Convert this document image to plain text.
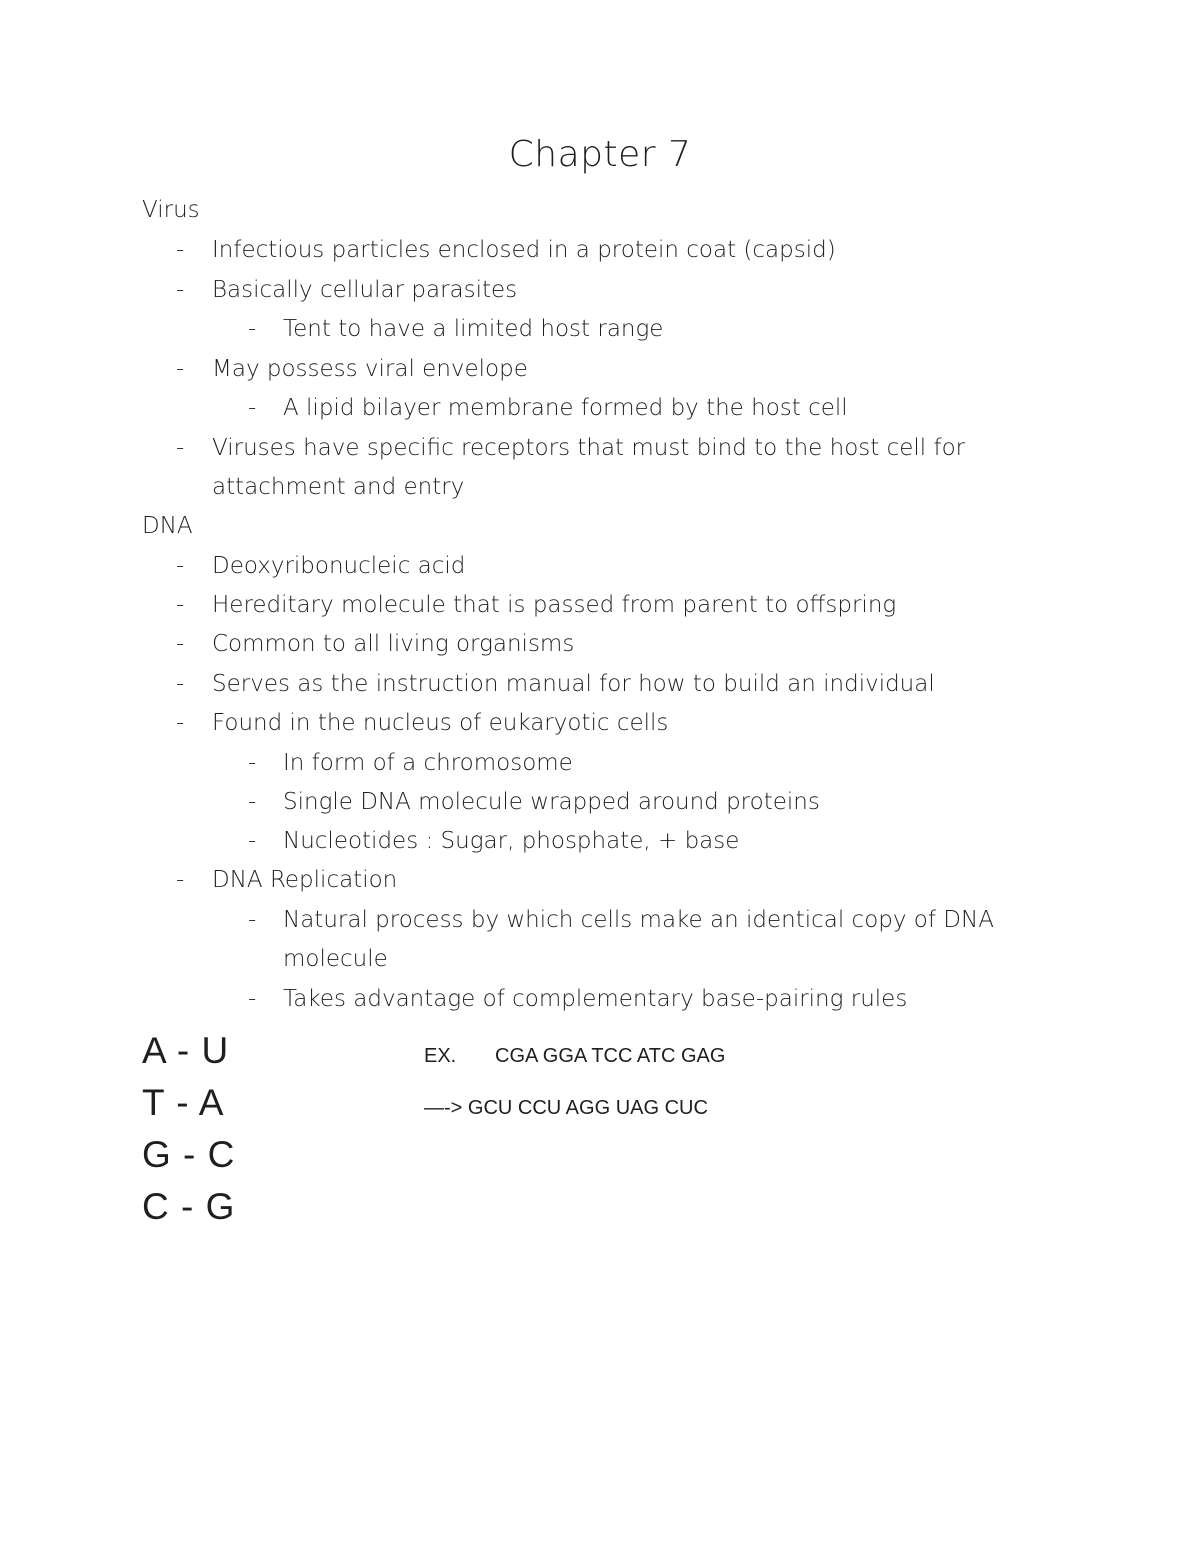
Chapter 7
Virus
- Infectious particles enclosed in a protein coat (capsid)
- Basically cellular parasites
- Tent to have a limited host range
- May possess viral envelope
- A lipid bilayer membrane formed by the host cell
- Viruses have specific receptors that must bind to the host cell for
attachment and entry
DNA
- Deoxyribonucleic acid
- Hereditary molecule that is passed from parent to offspring
- Common to all living organisms
- Serves as the instruction manual for how to build an individual
- Found in the nucleus of eukaryotic cells
- In form of a chromosome
- Single DNA molecule wrapped around proteins
- Nucleotides : Sugar, phosphate, + base
- DNA Replication
- Natural process by which cells make an identical copy of DNA
molecule
- Takes advantage of complementary base-pairing rules
A - U
T - A
G - C
C - G
EX. CGA GGA TCC ATC GAG
—-> GCU CCU AGG UAG CUC
